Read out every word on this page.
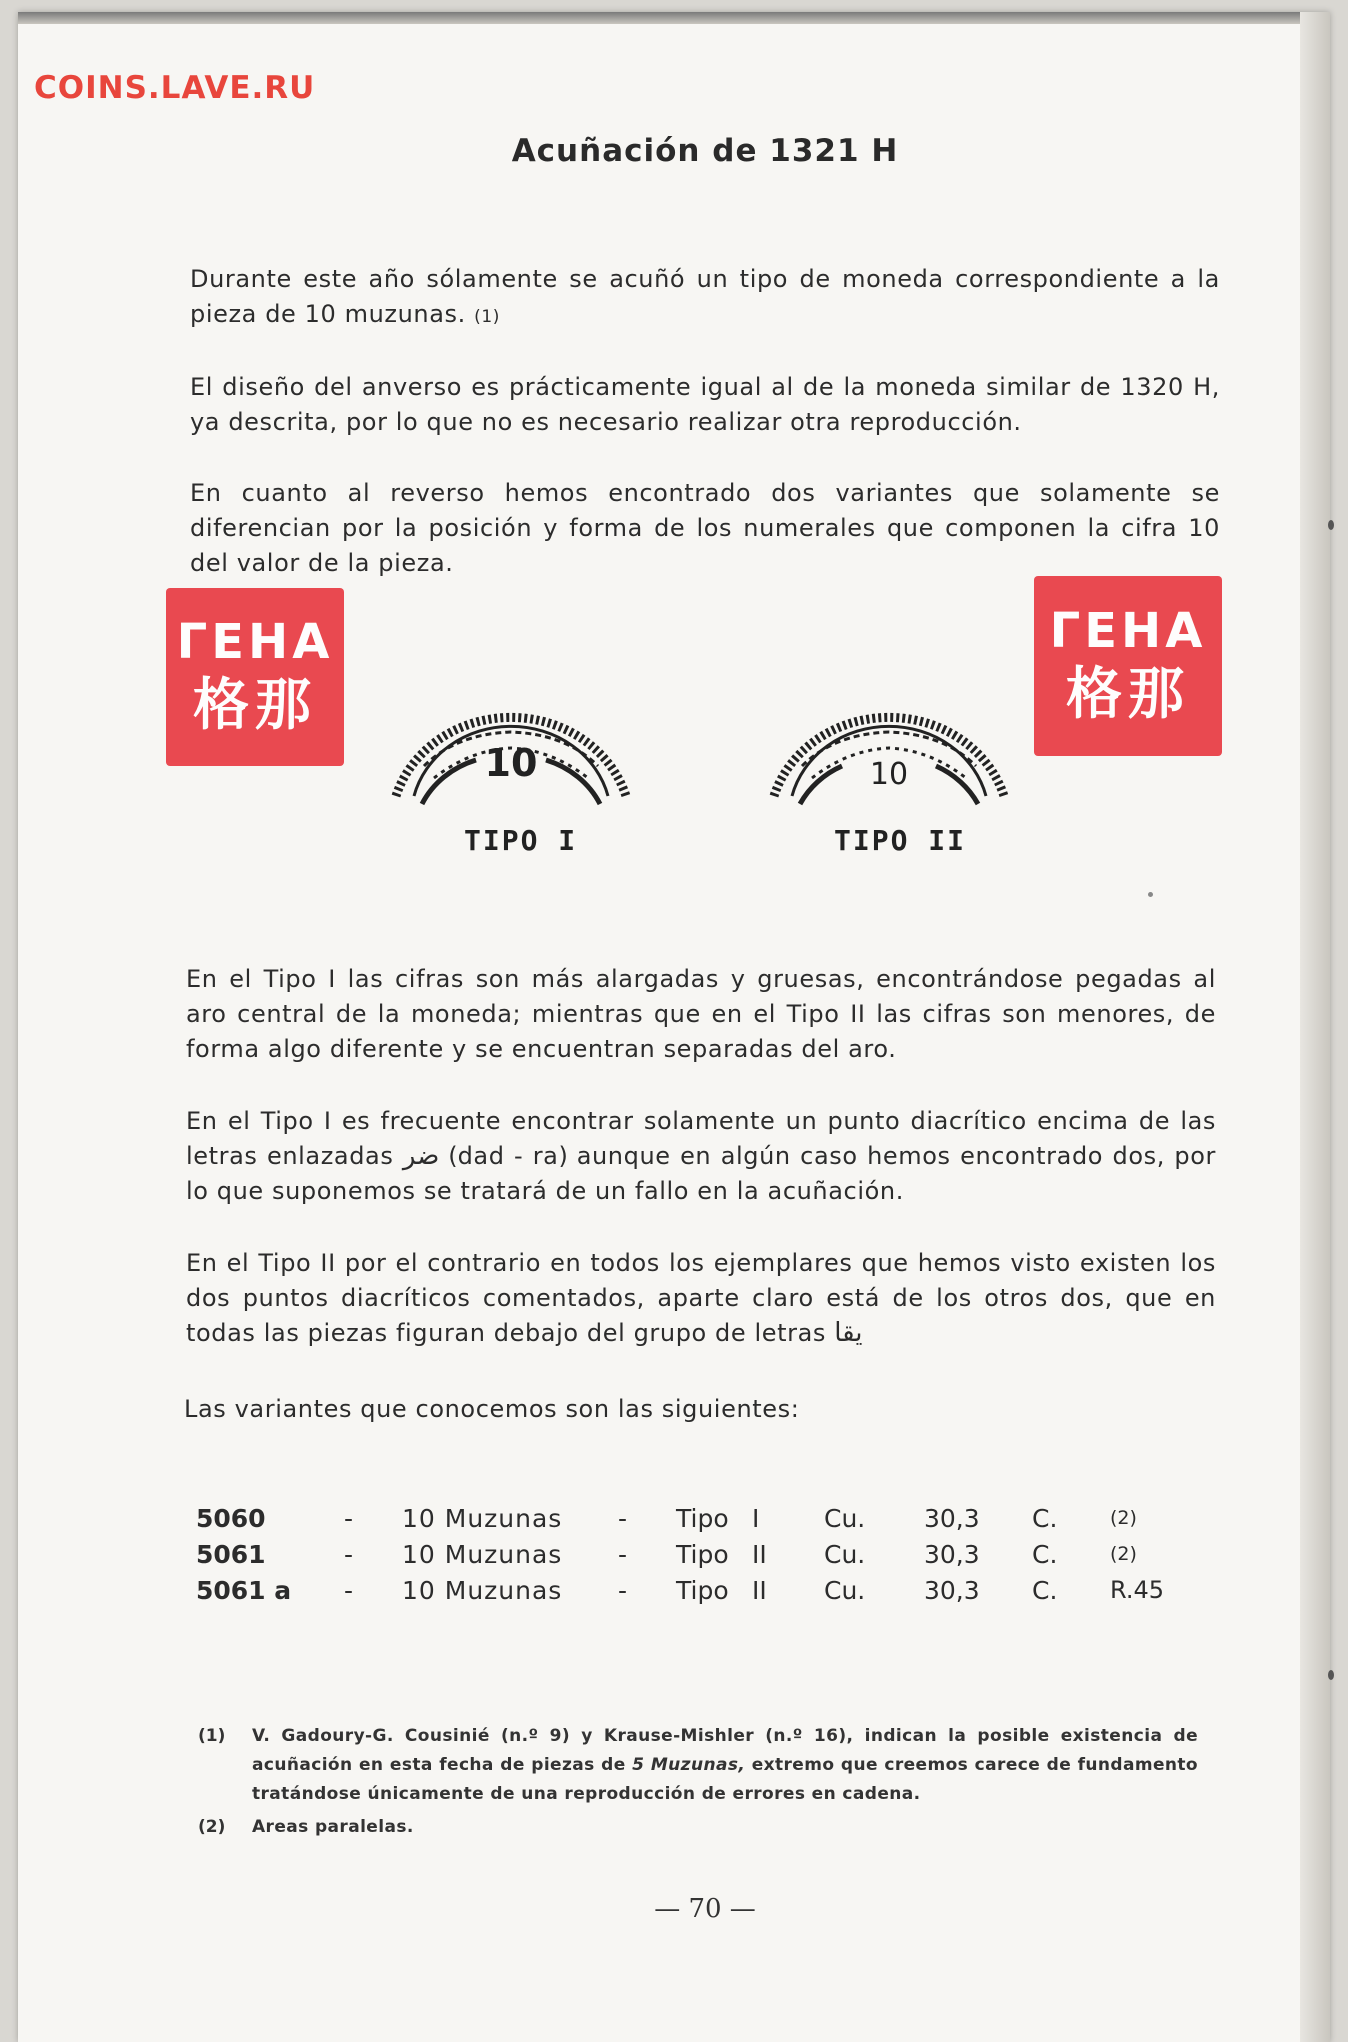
COINS.LAVE.RU
Acuñación de 1321 H

Durante este año sólamente se acuñó un tipo de moneda correspondiente a la pieza de 10 muzunas. (1)

El diseño del anverso es prácticamente igual al de la moneda similar de 1320 H, ya descrita, por lo que no es necesario realizar otra reproducción.

En cuanto al reverso hemos encontrado dos variantes que solamente se diferencian por la posición y forma de los numerales que componen la cifra 10 del valor de la pieza.

ГЕНА
格那
ГЕНА
格那
10
TIPO I
10
TIPO II

En el Tipo I las cifras son más alargadas y gruesas, encontrándose pegadas al aro central de la moneda; mientras que en el Tipo II las cifras son menores, de forma algo diferente y se encuentran separadas del aro.

En el Tipo I es frecuente encontrar solamente un punto diacrítico encima de las letras enlazadas ضر (dad - ra) aunque en algún caso hemos encontrado dos, por lo que suponemos se tratará de un fallo en la acuñación.

En el Tipo II por el contrario en todos los ejemplares que hemos visto existen los dos puntos diacríticos comentados, aparte claro está de los otros dos, que en todas las piezas figuran debajo del grupo de letras يقا

Las variantes que conocemos son las siguientes:

5060	-	10 Muzunas	-	Tipo	I	Cu.	30,3	C.	(2)
5061	-	10 Muzunas	-	Tipo	II	Cu.	30,3	C.	(2)
5061 a	-	10 Muzunas	-	Tipo	II	Cu.	30,3	C.	R.45
(1)	V. Gadoury-G. Cousinié (n.º 9) y Krause-Mishler (n.º 16), indican la posible existencia de acuñación en esta fecha de piezas de 5 Muzunas, extremo que creemos carece de fundamento tratándose únicamente de una reproducción de errores en cadena.
(2)	Areas paralelas.
— 70 —
